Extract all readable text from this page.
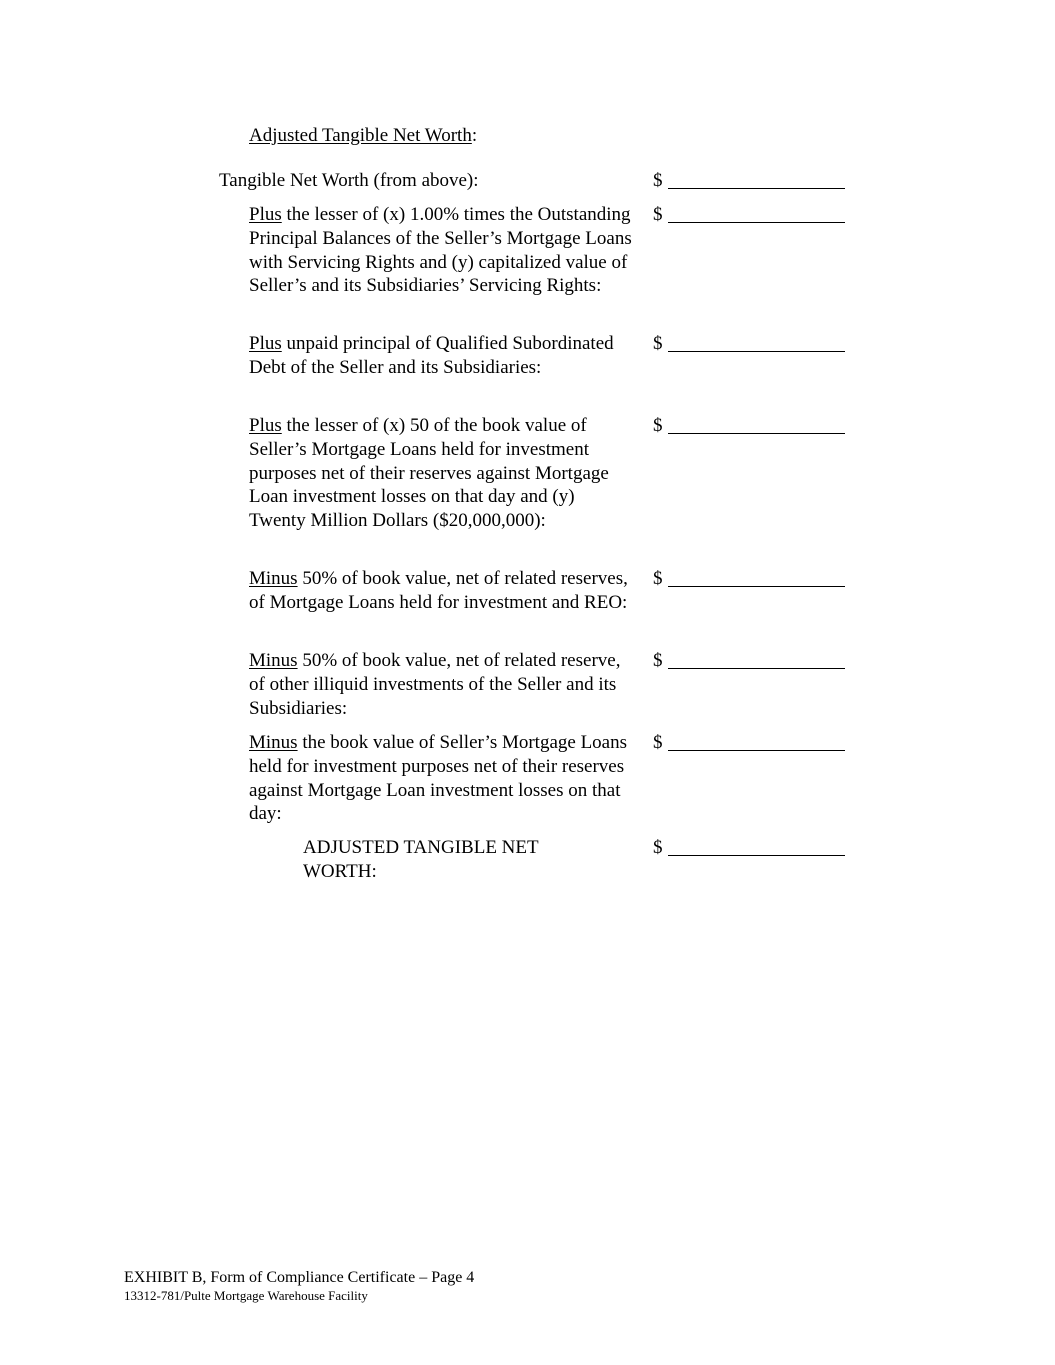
Adjusted Tangible Net Worth:
Tangible Net Worth (from above):	$
Plus the lesser of (x) 1.00% times the Outstanding Principal Balances of the Seller’s Mortgage Loans with Servicing Rights and (y) capitalized value of Seller’s and its Subsidiaries’ Servicing Rights:
$
Plus unpaid principal of Qualified Subordinated Debt of the Seller and its Subsidiaries:
$
Plus the lesser of (x) 50 of the book value of Seller’s Mortgage Loans held for investment purposes net of their reserves against Mortgage Loan investment losses on that day and (y) Twenty Million Dollars ($20,000,000):
$
Minus 50% of book value, net of related reserves, of Mortgage Loans held for investment and REO:
$
Minus 50% of book value, net of related reserve, of other illiquid investments of the Seller and its Subsidiaries:
$
Minus the book value of Seller’s Mortgage Loans held for investment purposes net of their reserves against Mortgage Loan investment losses on that day:
$
ADJUSTED TANGIBLE NET WORTH:
$
EXHIBIT B, Form of Compliance Certificate – Page 4
13312-781/Pulte Mortgage Warehouse Facility
